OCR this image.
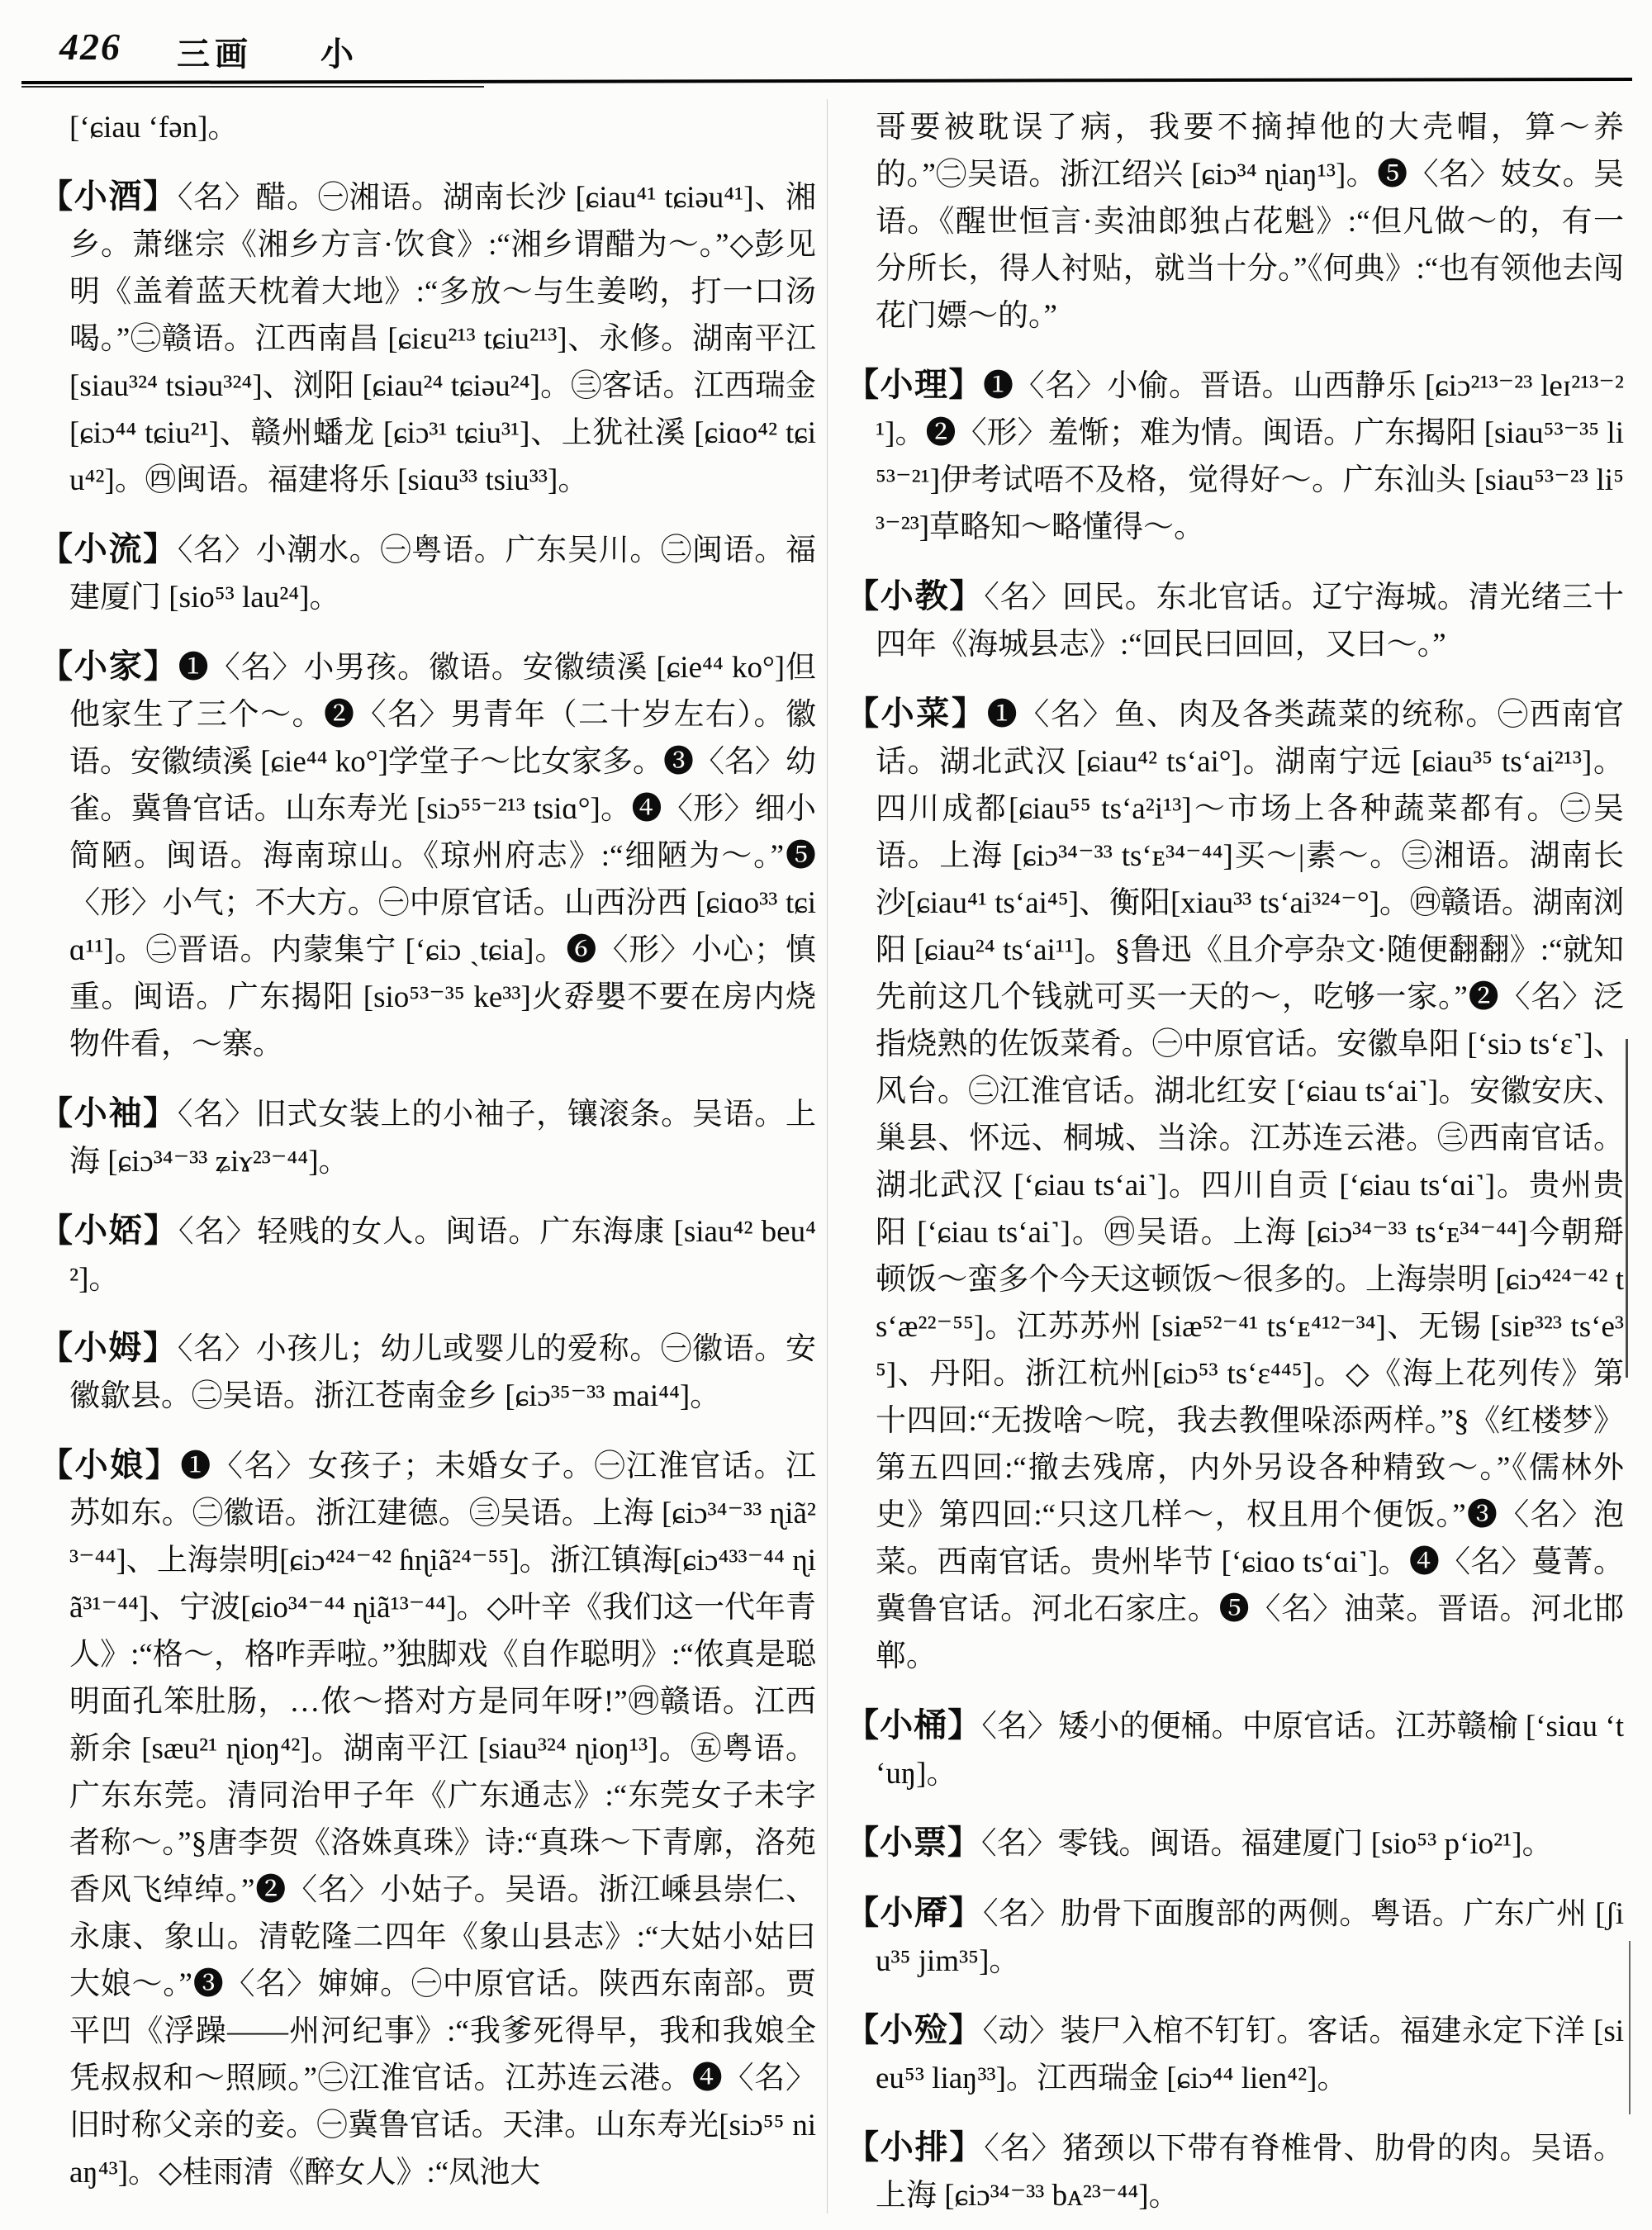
426 三画 小

[ʻɕiau ʻfən]。

【小酒】〈名〉醋。㊀湘语。湖南长沙 [ɕiau⁴¹ tɕiəu⁴¹]、湘乡。萧继宗《湘乡方言·饮食》:“湘乡谓醋为～。”◇彭见明《盖着蓝天枕着大地》:“多放～与生姜哟，打一口汤喝。”㊁赣语。江西南昌 [ɕiɛu²¹³ tɕiu²¹³]、永修。湖南平江 [siau³²⁴ tsiəu³²⁴]、浏阳 [ɕiau²⁴ tɕiəu²⁴]。㊂客话。江西瑞金 [ɕiɔ⁴⁴ tɕiu²¹]、赣州蟠龙 [ɕiɔ³¹ tɕiu³¹]、上犹社溪 [ɕiɑo⁴² tɕiu⁴²]。㊃闽语。福建将乐 [siɑu³³ tsiu³³]。
【小流】〈名〉小潮水。㊀粤语。广东吴川。㊁闽语。福建厦门 [sio⁵³ lau²⁴]。
【小家】❶〈名〉小男孩。徽语。安徽绩溪 [ɕie⁴⁴ ko°]但他家生了三个～。❷〈名〉男青年（二十岁左右）。徽语。安徽绩溪 [ɕie⁴⁴ ko°]学堂子～比女家多。❸〈名〉幼雀。冀鲁官话。山东寿光 [siɔ⁵⁵⁻²¹³ tsiɑ°]。❹〈形〉细小简陋。闽语。海南琼山。《琼州府志》:“细陋为～。”❺〈形〉小气；不大方。㊀中原官话。山西汾西 [ɕiɑo³³ tɕiɑ¹¹]。㊁晋语。内蒙集宁 [ʻɕiɔ ˎtɕia]。❻〈形〉小心；慎重。闽语。广东揭阳 [sio⁵³⁻³⁵ ke³³]火孬嬰不要在房内烧物件看，～寨。
【小袖】〈名〉旧式女装上的小袖子，镶滚条。吴语。上海 [ɕiɔ³⁴⁻³³ ʑiɤ²³⁻⁴⁴]。
【小娝】〈名〉轻贱的女人。闽语。广东海康 [siau⁴² beu⁴²]。
【小姆】〈名〉小孩儿；幼儿或婴儿的爱称。㊀徽语。安徽歙县。㊁吴语。浙江苍南金乡 [ɕiɔ³⁵⁻³³ mai⁴⁴]。
【小娘】❶〈名〉女孩子；未婚女子。㊀江淮官话。江苏如东。㊁徽语。浙江建德。㊂吴语。上海 [ɕiɔ³⁴⁻³³ ɳiã²³⁻⁴⁴]、上海崇明[ɕiɔ⁴²⁴⁻⁴² ɦɳiã²⁴⁻⁵⁵]。浙江镇海[ɕiɔ⁴³³⁻⁴⁴ ɳiã³¹⁻⁴⁴]、宁波[ɕio³⁴⁻⁴⁴ ɳiã¹³⁻⁴⁴]。◇叶辛《我们这一代年青人》:“格～，格咋弄啦。”独脚戏《自作聪明》:“侬真是聪明面孔笨肚肠，…侬～搭对方是同年呀!”㊃赣语。江西新余 [sæu²¹ ɳioŋ⁴²]。湖南平江 [siau³²⁴ ɳioŋ¹³]。㊄粤语。广东东莞。清同治甲子年《广东通志》:“东莞女子未字者称～。”§唐李贺《洛姝真珠》诗:“真珠～下青廓，洛苑香风飞绰绰。”❷〈名〉小姑子。吴语。浙江嵊县崇仁、永康、象山。清乾隆二四年《象山县志》:“大姑小姑曰大娘～。”❸〈名〉婶婶。㊀中原官话。陕西东南部。贾平凹《浮躁——州河纪事》:“我爹死得早，我和我娘全凭叔叔和～照顾。”㊁江淮官话。江苏连云港。❹〈名〉旧时称父亲的妾。㊀冀鲁官话。天津。山东寿光[siɔ⁵⁵ niaŋ⁴³]。◇桂雨清《醉女人》:“凤池大

哥要被耽误了病，我要不摘掉他的大壳帽，算～养的。”㊁吴语。浙江绍兴 [ɕiɔ³⁴ ɳiaŋ¹³]。❺〈名〉妓女。吴语。《醒世恒言·卖油郎独占花魁》:“但凡做～的，有一分所长，得人衬贴，就当十分。”《何典》:“也有领他去闯花门嫖～的。”

【小理】❶〈名〉小偷。晋语。山西静乐 [ɕiɔ²¹³⁻²³ leɪ²¹³⁻²¹]。❷〈形〉羞惭；难为情。闽语。广东揭阳 [siau⁵³⁻³⁵ li⁵³⁻²¹]伊考试唔不及格，觉得好～。广东汕头 [siau⁵³⁻²³ li⁵³⁻²³]草略知～略懂得～。
【小教】〈名〉回民。东北官话。辽宁海城。清光绪三十四年《海城县志》:“回民曰回回，又曰～。”
【小菜】❶〈名〉鱼、肉及各类蔬菜的统称。㊀西南官话。湖北武汉 [ɕiau⁴² tsʻai°]。湖南宁远 [ɕiau³⁵ tsʻai²¹³]。四川成都[ɕiau⁵⁵ tsʻa²i¹³]～市场上各种蔬菜都有。㊁吴语。上海 [ɕiɔ³⁴⁻³³ tsʻᴇ³⁴⁻⁴⁴]买～|素～。㊂湘语。湖南长沙[ɕiau⁴¹ tsʻai⁴⁵]、衡阳[xiau³³ tsʻai³²⁴⁻°]。㊃赣语。湖南浏阳 [ɕiau²⁴ tsʻai¹¹]。§鲁迅《且介亭杂文·随便翻翻》:“就知先前这几个钱就可买一天的～，吃够一家。”❷〈名〉泛指烧熟的佐饭菜肴。㊀中原官话。安徽阜阳 [ʻsiɔ tsʻɛ˺]、风台。㊁江淮官话。湖北红安 [ʻɕiau tsʻai˺]。安徽安庆、巢县、怀远、桐城、当涂。江苏连云港。㊂西南官话。湖北武汉 [ʻɕiau tsʻai˺]。四川自贡 [ʻɕiau tsʻɑi˺]。贵州贵阳 [ʻɕiau tsʻai˺]。㊃吴语。上海 [ɕiɔ³⁴⁻³³ tsʻᴇ³⁴⁻⁴⁴]今朝搿顿饭～蛮多个今天这顿饭～很多的。上海崇明 [ɕiɔ⁴²⁴⁻⁴² tsʻæ²²⁻⁵⁵]。江苏苏州 [siæ⁵²⁻⁴¹ tsʻᴇ⁴¹²⁻³⁴]、无锡 [siɐ³²³ tsʻe³⁵]、丹阳。浙江杭州[ɕiɔ⁵³ tsʻɛ⁴⁴⁵]。◇《海上花列传》第十四回:“无拨啥～唍，我去教俚哚添两样。”§《红楼梦》第五四回:“撤去残席，内外另设各种精致～。”《儒林外史》第四回:“只这几样～，权且用个便饭。”❸〈名〉泡菜。西南官话。贵州毕节 [ʻɕiɑo tsʻɑi˺]。❹〈名〉蔓菁。冀鲁官话。河北石家庄。❺〈名〉油菜。晋语。河北邯郸。
【小桶】〈名〉矮小的便桶。中原官话。江苏赣榆 [ʻsiɑu ʻtʻuŋ]。
【小票】〈名〉零钱。闽语。福建厦门 [sio⁵³ pʻio²¹]。
【小厣】〈名〉肋骨下面腹部的两侧。粤语。广东广州 [ʃiu³⁵ jim³⁵]。
【小殓】〈动〉装尸入棺不钉钉。客话。福建永定下洋 [sieu⁵³ liaŋ³³]。江西瑞金 [ɕiɔ⁴⁴ lien⁴²]。
【小排】〈名〉猪颈以下带有脊椎骨、肋骨的肉。吴语。上海 [ɕiɔ³⁴⁻³³ bᴀ²³⁻⁴⁴]。
